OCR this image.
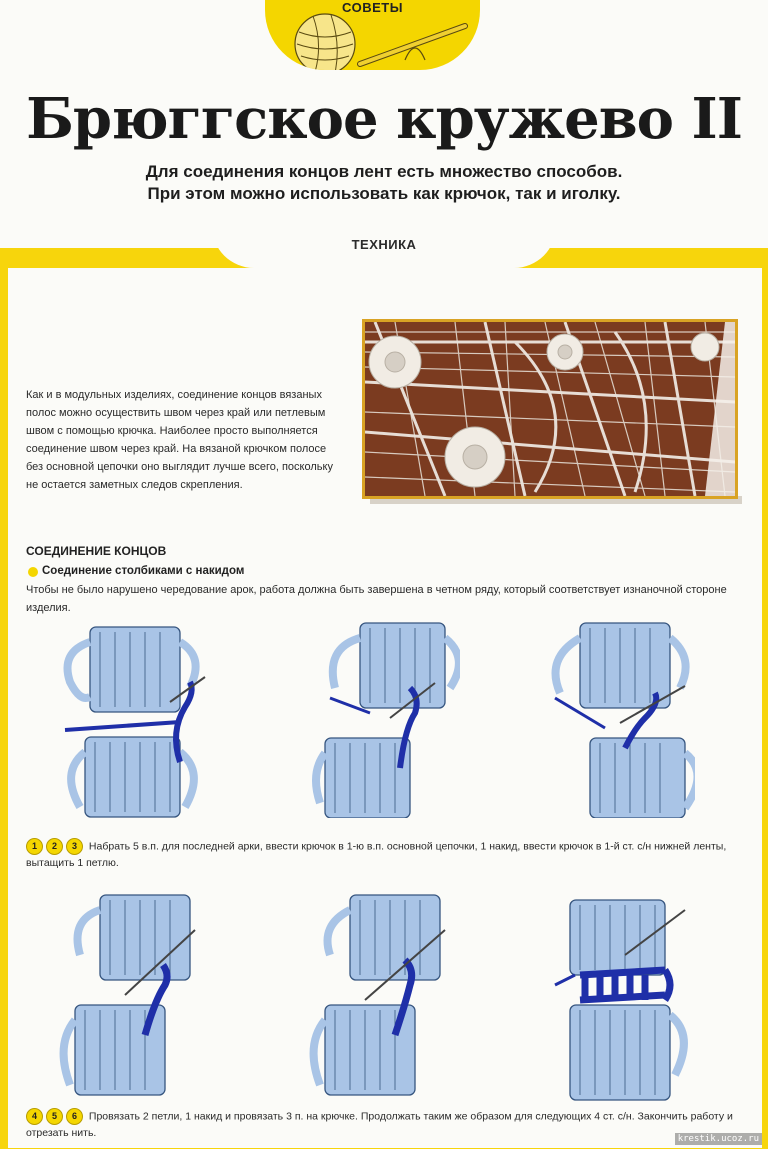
СОВЕТЫ
Брюггское кружево II
Для соединения концов лент есть множество способов.
При этом можно использовать как крючок, так и иголку.
ТЕХНИКА
Как и в модульных изделиях, соединение концов вязаных полос можно осуществить швом через край или петлевым швом с помощью крючка. Наиболее просто выполняется соединение швом через край. На вязаной крючком полосе без основной цепочки оно выглядит лучше всего, поскольку не остается заметных следов скрепления.
СОЕДИНЕНИЕ КОНЦОВ
Соединение столбиками с накидом
Чтобы не было нарушено чередование арок, работа должна быть завершена в четном ряду, который соответствует изнаночной стороне изделия.
1 2 3 Набрать 5 в.п. для последней арки, ввести крючок в 1-ю в.п. основной цепочки, 1 накид, ввести крючок в 1-й ст. с/н нижней ленты, вытащить 1 петлю.
4 5 6 Провязать 2 петли, 1 накид и провязать 3 п. на крючке. Продолжать таким же образом для следующих 4 ст. с/н. Закончить работу и отрезать нить.	krestik.ucoz.ru
